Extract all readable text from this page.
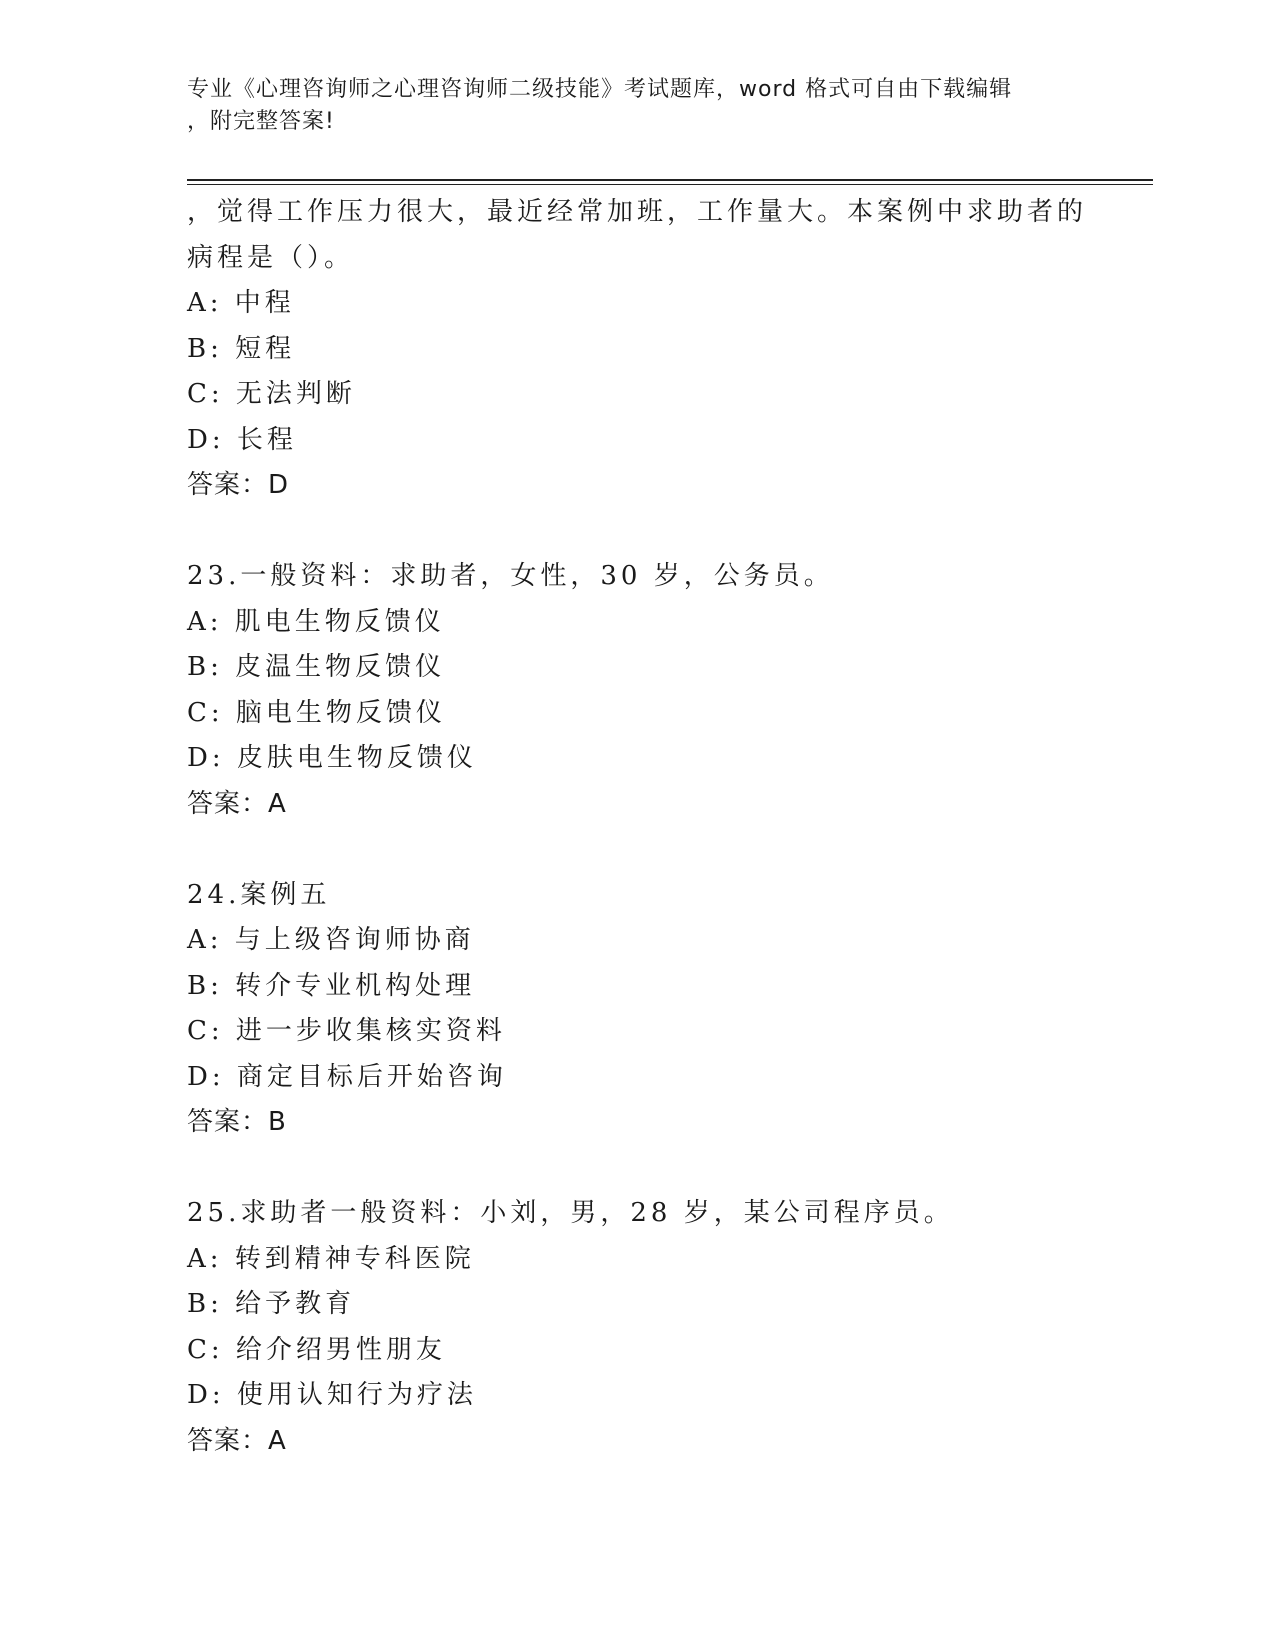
专业《心理咨询师之心理咨询师二级技能》考试题库，word 格式可自由下载编辑
，附完整答案!
，觉得工作压力很大，最近经常加班，工作量大。本案例中求助者的
病程是（）。
A: 中程
B: 短程
C: 无法判断
D: 长程
答案：D
23.一般资料：求助者，女性，30 岁，公务员。
A: 肌电生物反馈仪
B: 皮温生物反馈仪
C: 脑电生物反馈仪
D: 皮肤电生物反馈仪
答案：A
24.案例五
A: 与上级咨询师协商
B: 转介专业机构处理
C: 进一步收集核实资料
D: 商定目标后开始咨询
答案：B
25.求助者一般资料：小刘，男，28 岁，某公司程序员。
A: 转到精神专科医院
B: 给予教育
C: 给介绍男性朋友
D: 使用认知行为疗法
答案：A
